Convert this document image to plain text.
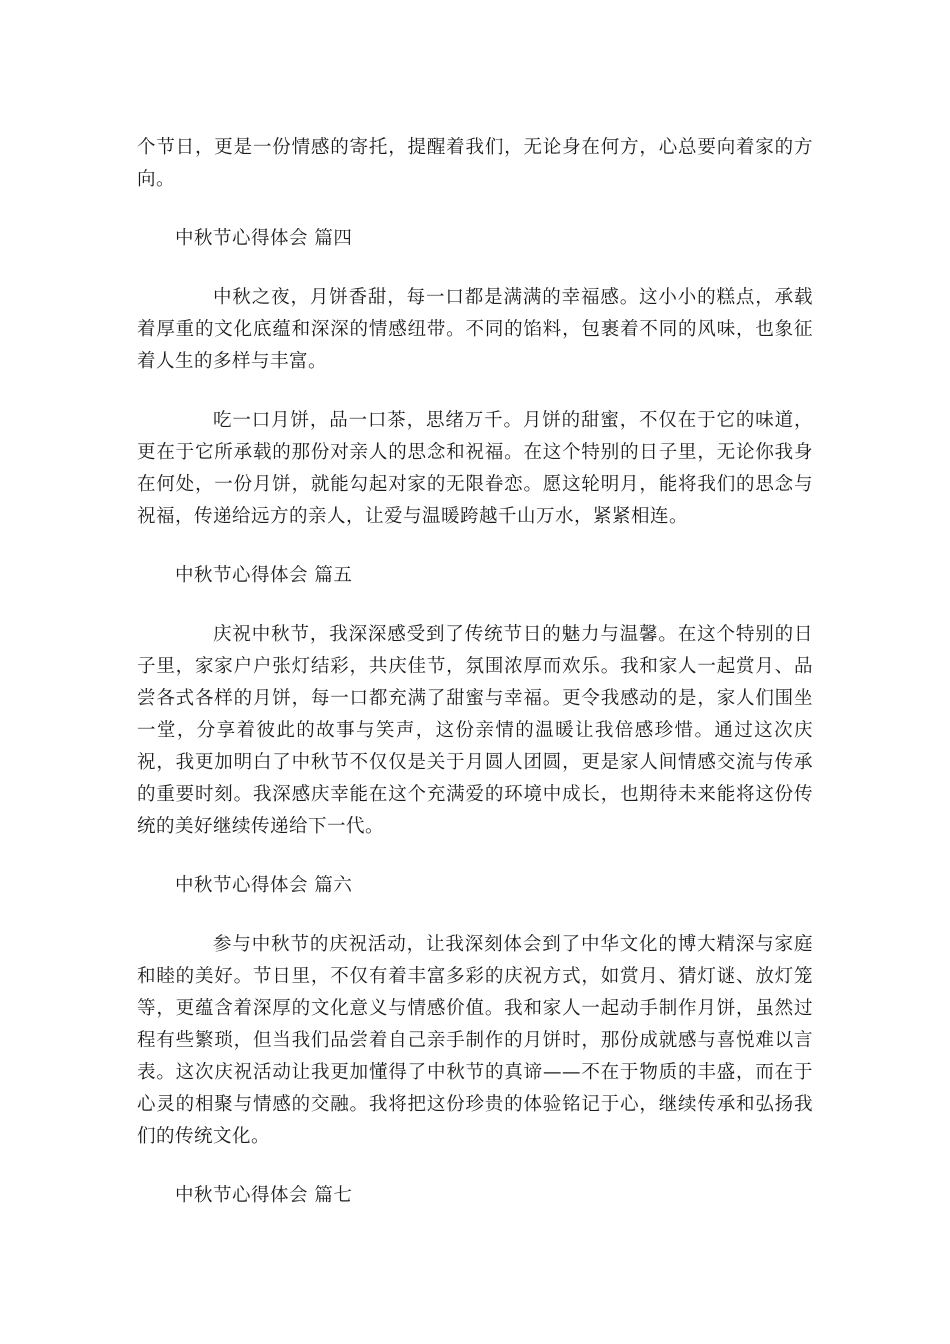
个节日，更是一份情感的寄托，提醒着我们，无论身在何方，心总要向着家的方向。

中秋节心得体会 篇四

中秋之夜，月饼香甜，每一口都是满满的幸福感。这小小的糕点，承载着厚重的文化底蕴和深深的情感纽带。不同的馅料，包裹着不同的风味，也象征着人生的多样与丰富。

吃一口月饼，品一口茶，思绪万千。月饼的甜蜜，不仅在于它的味道，更在于它所承载的那份对亲人的思念和祝福。在这个特别的日子里，无论你我身在何处，一份月饼，就能勾起对家的无限眷恋。愿这轮明月，能将我们的思念与祝福，传递给远方的亲人，让爱与温暖跨越千山万水，紧紧相连。

中秋节心得体会 篇五

庆祝中秋节，我深深感受到了传统节日的魅力与温馨。在这个特别的日子里，家家户户张灯结彩，共庆佳节，氛围浓厚而欢乐。我和家人一起赏月、品尝各式各样的月饼，每一口都充满了甜蜜与幸福。更令我感动的是，家人们围坐一堂，分享着彼此的故事与笑声，这份亲情的温暖让我倍感珍惜。通过这次庆祝，我更加明白了中秋节不仅仅是关于月圆人团圆，更是家人间情感交流与传承的重要时刻。我深感庆幸能在这个充满爱的环境中成长，也期待未来能将这份传统的美好继续传递给下一代。

中秋节心得体会 篇六

参与中秋节的庆祝活动，让我深刻体会到了中华文化的博大精深与家庭和睦的美好。节日里，不仅有着丰富多彩的庆祝方式，如赏月、猜灯谜、放灯笼等，更蕴含着深厚的文化意义与情感价值。我和家人一起动手制作月饼，虽然过程有些繁琐，但当我们品尝着自己亲手制作的月饼时，那份成就感与喜悦难以言表。这次庆祝活动让我更加懂得了中秋节的真谛——不在于物质的丰盛，而在于心灵的相聚与情感的交融。我将把这份珍贵的体验铭记于心，继续传承和弘扬我们的传统文化。

中秋节心得体会 篇七
